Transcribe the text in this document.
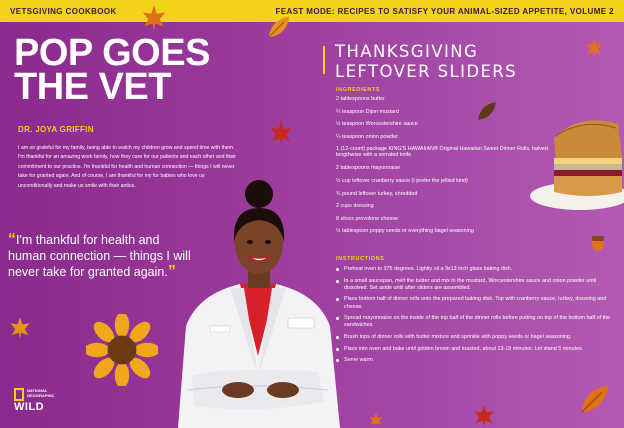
VETSGIVING COOKBOOK	FEAST MODE: RECIPES TO SATISFY YOUR ANIMAL-SIZED APPETITE, VOLUME 2
POP GOES
THE VET
DR. JOYA GRIFFIN
I am so grateful for my family, being able to watch my children grow and spend time with them. I'm thankful for an amazing work family, how they care for our patients and each other and their commitment to our practice. I'm thankful for health and human connection — things I will never take for granted again. And of course, I am thankful for my fur babies who love us unconditionally and make us smile with their antics.
“I'm thankful for health and human connection — things I will never take for granted again.”
NATIONAL GEOGRAPHIC
WILD
THANKSGIVING
LEFTOVER SLIDERS
INGREDIENTS
2 tablespoons butter
¼ teaspoon Dijon mustard
½ teaspoon Worcestershire sauce
¼ teaspoon onion powder
1 (12-count) package KING'S HAWAIIAN® Original Hawaiian Sweet Dinner Rolls, halved lengthwise with a serrated knife
2 tablespoons mayonnaise
½ cup leftover cranberry sauce (I prefer the jellied kind)
¾ pound leftover turkey, shredded
2 cups dressing
8 slices provolone cheese
½ tablespoon poppy seeds or everything bagel seasoning
INSTRUCTIONS
Preheat oven to 375 degrees. Lightly oil a 9x13 inch glass baking dish.
In a small saucepan, melt the butter and mix in the mustard, Worcestershire sauce and onion powder until dissolved. Set aside until after sliders are assembled.
Place bottom half of dinner rolls onto the prepared baking dish. Top with cranberry sauce, turkey, dressing and cheese.
Spread mayonnaise on the inside of the top half of the dinner rolls before putting on top of the bottom half of the sandwiches.
Brush tops of dinner rolls with butter mixture and sprinkle with poppy seeds or bagel seasoning.
Place into oven and bake until golden brown and toasted, about 13-18 minutes. Let stand 5 minutes.
Serve warm.
